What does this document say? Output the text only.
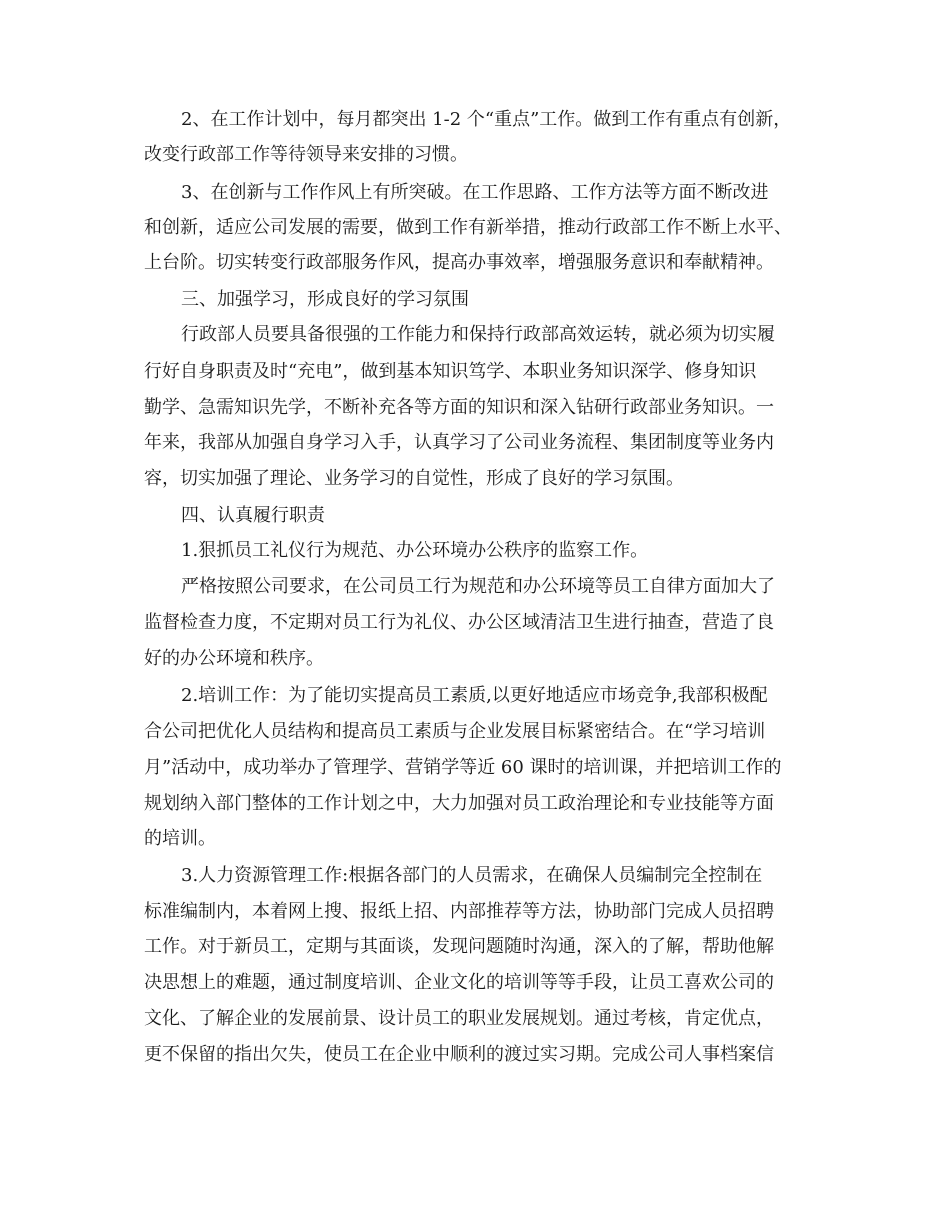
2、在工作计划中，每月都突出 1-2 个“重点”工作。做到工作有重点有创新，

改变行政部工作等待领导来安排的习惯。

3、在创新与工作作风上有所突破。在工作思路、工作方法等方面不断改进

和创新，适应公司发展的需要，做到工作有新举措，推动行政部工作不断上水平、

上台阶。切实转变行政部服务作风，提高办事效率，增强服务意识和奉献精神。

三、加强学习，形成良好的学习氛围

行政部人员要具备很强的工作能力和保持行政部高效运转，就必须为切实履

行好自身职责及时“充电”，做到基本知识笃学、本职业务知识深学、修身知识

勤学、急需知识先学，不断补充各等方面的知识和深入钻研行政部业务知识。一

年来，我部从加强自身学习入手，认真学习了公司业务流程、集团制度等业务内

容，切实加强了理论、业务学习的自觉性，形成了良好的学习氛围。

四、认真履行职责

1.狠抓员工礼仪行为规范、办公环境办公秩序的监察工作。

严格按照公司要求，在公司员工行为规范和办公环境等员工自律方面加大了

监督检查力度，不定期对员工行为礼仪、办公区域清洁卫生进行抽查，营造了良

好的办公环境和秩序。

2.培训工作：为了能切实提高员工素质,以更好地适应市场竞争,我部积极配

合公司把优化人员结构和提高员工素质与企业发展目标紧密结合。在“学习培训

月”活动中，成功举办了管理学、营销学等近 60 课时的培训课，并把培训工作的

规划纳入部门整体的工作计划之中，大力加强对员工政治理论和专业技能等方面

的培训。

3.人力资源管理工作:根据各部门的人员需求，在确保人员编制完全控制在

标准编制内，本着网上搜、报纸上招、内部推荐等方法，协助部门完成人员招聘

工作。对于新员工，定期与其面谈，发现问题随时沟通，深入的了解，帮助他解

决思想上的难题，通过制度培训、企业文化的培训等等手段，让员工喜欢公司的

文化、了解企业的发展前景、设计员工的职业发展规划。通过考核，肯定优点，

更不保留的指出欠失，使员工在企业中顺利的渡过实习期。完成公司人事档案信
